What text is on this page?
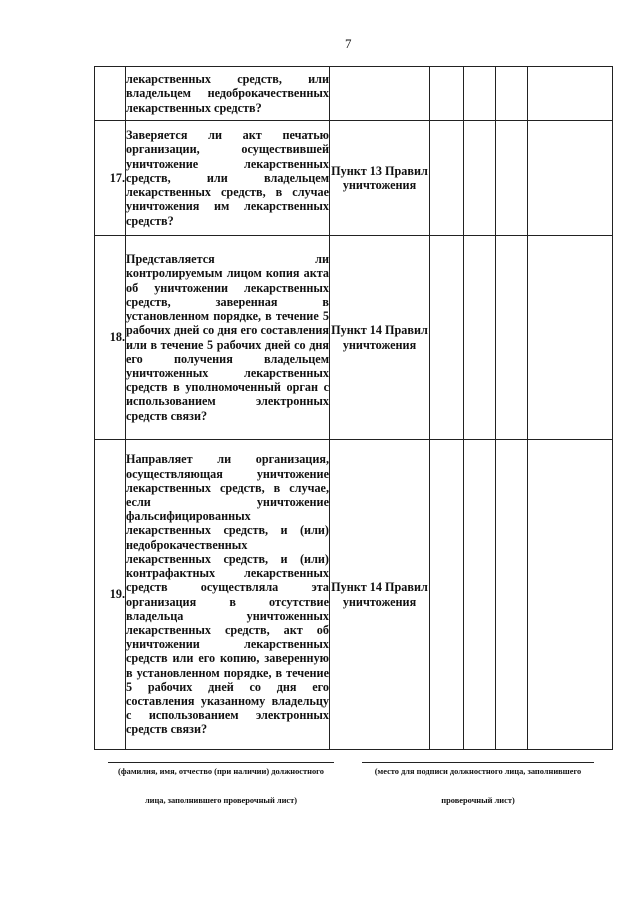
7
	лекарственных средств, или владельцем недоброкачественных лекарственных средств?					
17.	Заверяется ли акт печатью организации, осуществившей уничтожение лекарственных средств, или владельцем лекарственных средств, в случае уничтожения им лекарственных средств?	Пункт 13 Правил уничтожения				
18.	Представляется ли контролируемым лицом копия акта об уничтожении лекарственных средств, заверенная в установленном порядке, в течение 5 рабочих дней со дня его составления или в течение 5 рабочих дней со дня его получения владельцем уничтоженных лекарственных средств в уполномоченный орган с использованием электронных средств связи?	Пункт 14 Правил уничтожения				
19.	Направляет ли организация, осуществляющая уничтожение лекарственных средств, в случае, если уничтожение фальсифицированных лекарственных средств, и (или) недоброкачественных лекарственных средств, и (или) контрафактных лекарственных средств осуществляла эта организация в отсутствие владельца уничтоженных лекарственных средств, акт об уничтожении лекарственных средств или его копию, заверенную в установленном порядке, в течение 5 рабочих дней со дня его составления указанному владельцу с использованием электронных средств связи?	Пункт 14 Правил уничтожения				

(фамилия, имя, отчество (при наличии) должностного

лица, заполнившего проверочный лист)

(место для подписи должностного лица, заполнившего

проверочный лист)
